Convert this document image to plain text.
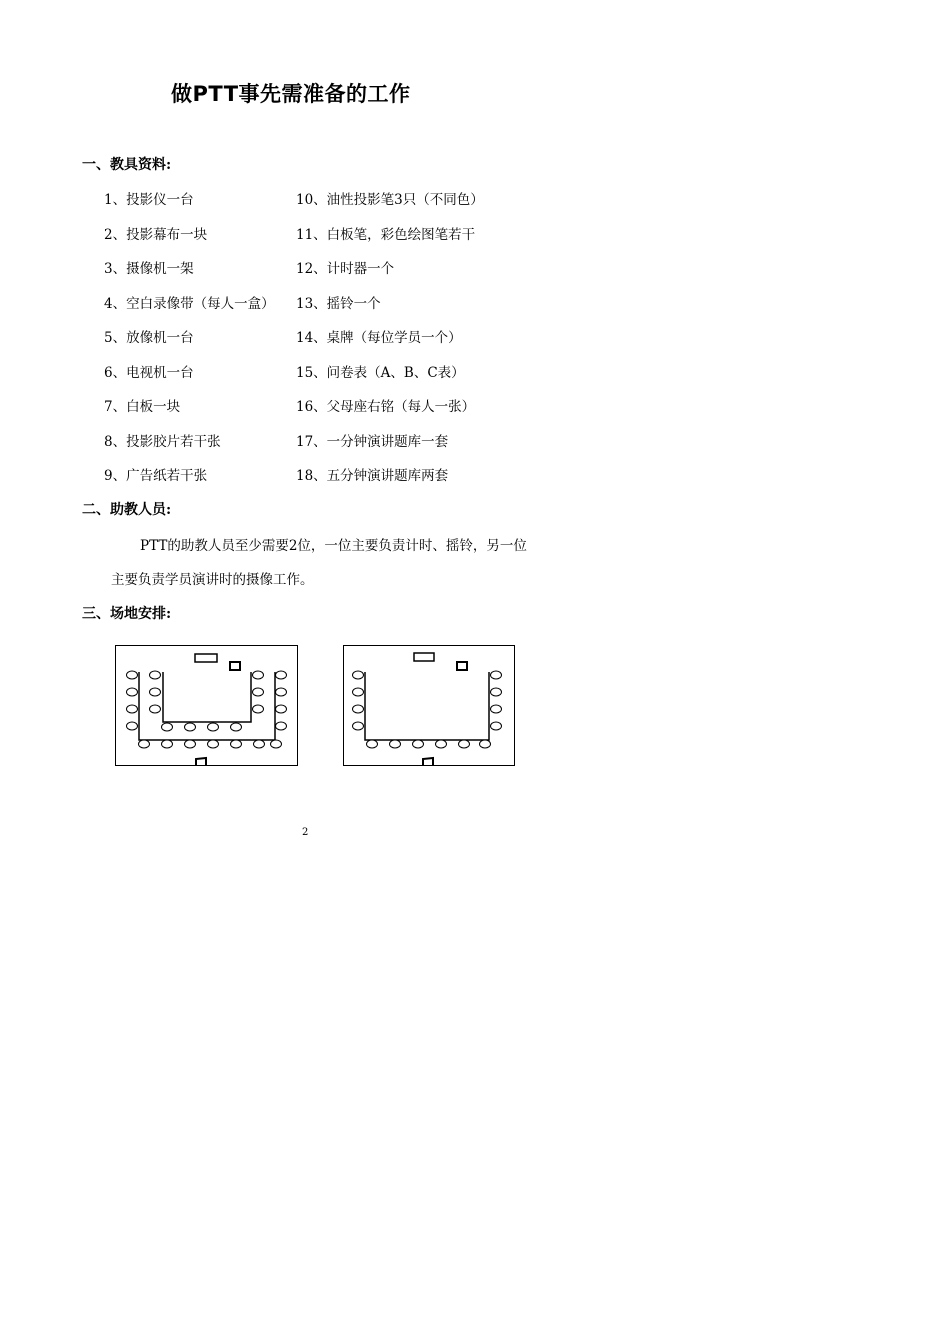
做PTT事先需准备的工作
一、教具资料:
1、投影仪一台
2、投影幕布一块
3、摄像机一架
4、空白录像带（每人一盒）
5、放像机一台
6、电视机一台
7、白板一块
8、投影胶片若干张
9、广告纸若干张
10、油性投影笔3只（不同色）
11、白板笔，彩色绘图笔若干
12、计时器一个
13、摇铃一个
14、桌牌（每位学员一个）
15、问卷表（A、B、C表）
16、父母座右铭（每人一张）
17、一分钟演讲题库一套
18、五分钟演讲题库两套
二、助教人员:
PTT的助教人员至少需要2位，一位主要负责计时、摇铃，另一位
主要负责学员演讲时的摄像工作。
三、场地安排:
2
